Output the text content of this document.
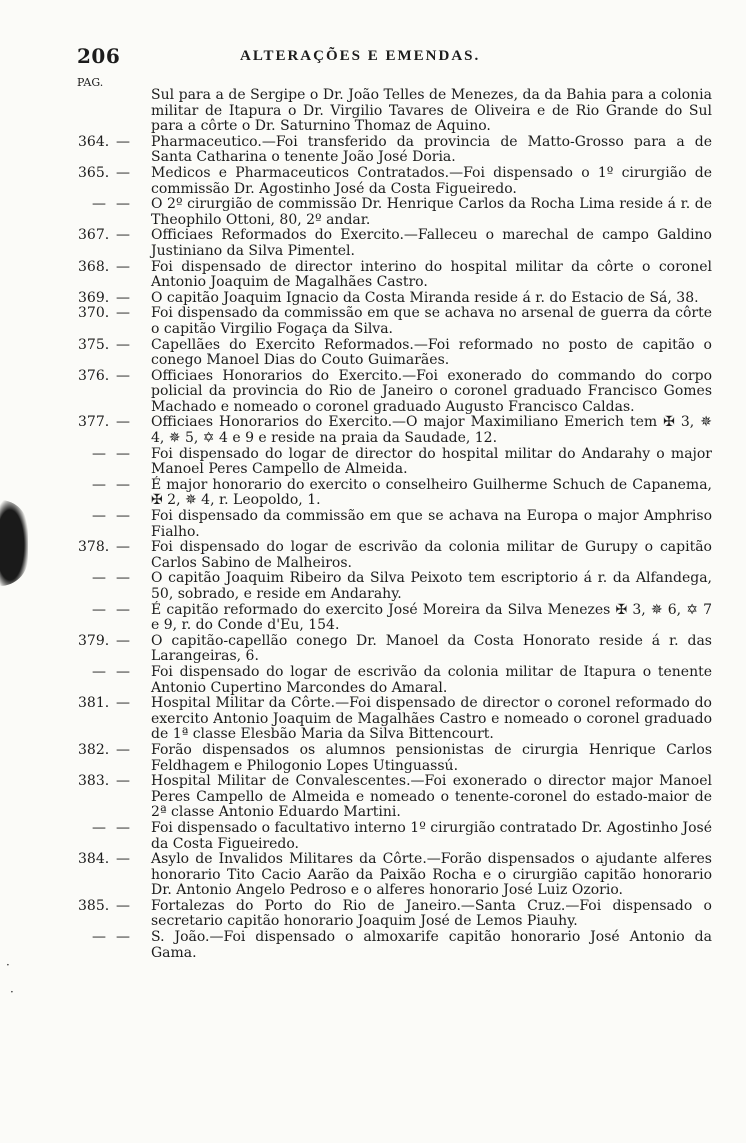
206	ALTERAÇÕES E EMENDAS.
PAG.
·
·

Sul para a de Sergipe o Dr. João Telles de Menezes, da da Bahia para a colonia militar de Itapura o Dr. Virgilio Tavares de Oliveira e de Rio Grande do Sul para a côrte o Dr. Saturnino Thomaz de Aquino.

364. — Pharmaceutico.—Foi transferido da provincia de Matto-Grosso para a de Santa Catharina o tenente João José Doria.

365. — Medicos e Pharmaceuticos Contratados.—Foi dispensado o 1º cirurgião de commissão Dr. Agostinho José da Costa Figueiredo.

— — O 2º cirurgião de commissão Dr. Henrique Carlos da Rocha Lima reside á r. de Theophilo Ottoni, 80, 2º andar.

367. — Officiaes Reformados do Exercito.—Falleceu o marechal de campo Galdino Justiniano da Silva Pimentel.

368. — Foi dispensado de director interino do hospital militar da côrte o coronel Antonio Joaquim de Magalhães Castro.

369. — O capitão Joaquim Ignacio da Costa Miranda reside á r. do Estacio de Sá, 38.

370. — Foi dispensado da commissão em que se achava no arsenal de guerra da côrte o capitão Virgilio Fogaça da Silva.

375. — Capellães do Exercito Reformados.—Foi reformado no posto de capitão o conego Manoel Dias do Couto Guimarães.

376. — Officiaes Honorarios do Exercito.—Foi exonerado do commando do corpo policial da provincia do Rio de Janeiro o coronel graduado Francisco Gomes Machado e nomeado o coronel graduado Augusto Francisco Caldas.

377. — Officiaes Honorarios do Exercito.—O major Maximiliano Emerich tem ✠ 3, ✵ 4, ✵ 5, ✡ 4 e 9 e reside na praia da Saudade, 12.

— — Foi dispensado do logar de director do hospital militar do Andarahy o major Manoel Peres Campello de Almeida.

— — É major honorario do exercito o conselheiro Guilherme Schuch de Capanema, ✠ 2, ✵ 4, r. Leopoldo, 1.

— — Foi dispensado da commissão em que se achava na Europa o major Amphriso Fialho.

378. — Foi dispensado do logar de escrivão da colonia militar de Gurupy o capitão Carlos Sabino de Malheiros.

— — O capitão Joaquim Ribeiro da Silva Peixoto tem escriptorio á r. da Alfandega, 50, sobrado, e reside em Andarahy.

— — É capitão reformado do exercito José Moreira da Silva Menezes ✠ 3, ✵ 6, ✡ 7 e 9, r. do Conde d'Eu, 154.

379. — O capitão-capellão conego Dr. Manoel da Costa Honorato reside á r. das Larangeiras, 6.

— — Foi dispensado do logar de escrivão da colonia militar de Itapura o tenente Antonio Cupertino Marcondes do Amaral.

381. — Hospital Militar da Côrte.—Foi dispensado de director o coronel reformado do exercito Antonio Joaquim de Magalhães Castro e nomeado o coronel graduado de 1ª classe Elesbão Maria da Silva Bittencourt.

382. — Forão dispensados os alumnos pensionistas de cirurgia Henrique Carlos Feldhagem e Philogonio Lopes Utinguassú.

383. — Hospital Militar de Convalescentes.—Foi exonerado o director major Manoel Peres Campello de Almeida e nomeado o tenente-coronel do estado-maior de 2ª classe Antonio Eduardo Martini.

— — Foi dispensado o facultativo interno 1º cirurgião contratado Dr. Agostinho José da Costa Figueiredo.

384. — Asylo de Invalidos Militares da Côrte.—Forão dispensados o ajudante alferes honorario Tito Cacio Aarão da Paixão Rocha e o cirurgião capitão honorario Dr. Antonio Angelo Pedroso e o alferes honorario José Luiz Ozorio.

385. — Fortalezas do Porto do Rio de Janeiro.—Santa Cruz.—Foi dispensado o secretario capitão honorario Joaquim José de Lemos Piauhy.

— — S. João.—Foi dispensado o almoxarife capitão honorario José Antonio da Gama.
